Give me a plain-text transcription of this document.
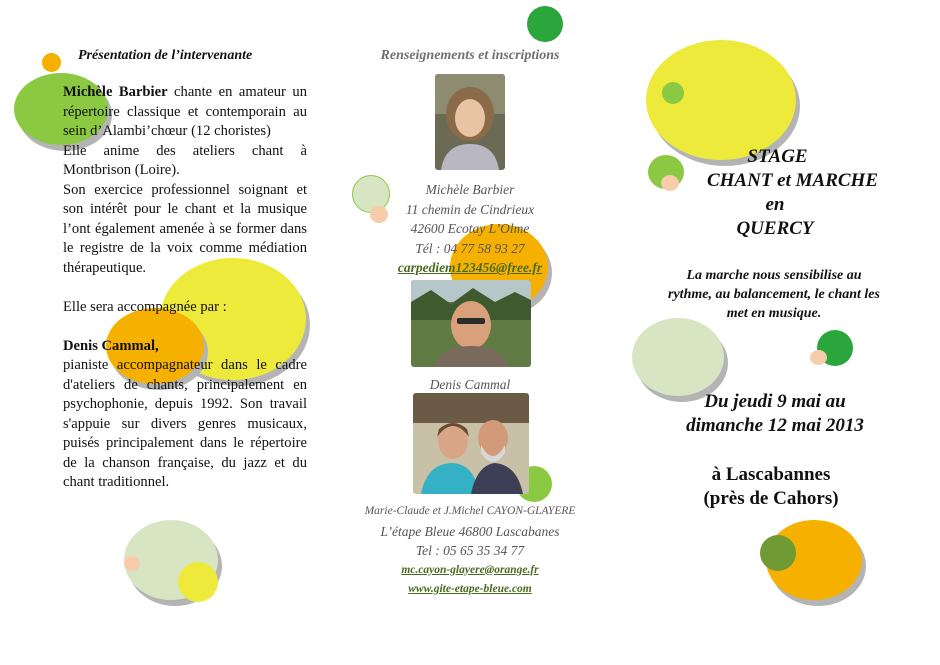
Présentation de l’intervenante

Michèle Barbier chante en amateur un répertoire classique et contemporain au sein d’Alambi’chœur (12 choristes)

Elle anime des ateliers chant à Montbrison (Loire).

Son exercice professionnel soignant et son intérêt pour le chant et la musique l’ont également amenée à se former dans le registre de la voix comme médiation thérapeutique.

Elle sera accompagnée par :

Denis Cammal,

pianiste accompagnateur dans le cadre d'ateliers de chants, principalement en psychophonie, depuis 1992. Son travail s'appuie sur divers genres musicaux, puisés principalement dans le répertoire de la chanson française, du jazz et du chant traditionnel.

Renseignements et inscriptions
Michèle Barbier
11 chemin de Cindrieux
42600 Ecotay L’Olme
Tél : 04 77 58 93 27
carpediem123456@free.fr
Denis Cammal
Marie-Claude et J.Michel CAYON-GLAYERE
L’étape Bleue 46800 Lascabanes
Tel : 05 65 35 34 77
mc.cayon-glayere@orange.fr
www.gite-etape-bleue.com
STAGE
CHANT et MARCHE
en
QUERCY
La marche nous sensibilise au rythme, au balancement, le chant les met en musique.
Du jeudi 9 mai au
dimanche 12 mai 2013
à Lascabannes
(près de Cahors)
